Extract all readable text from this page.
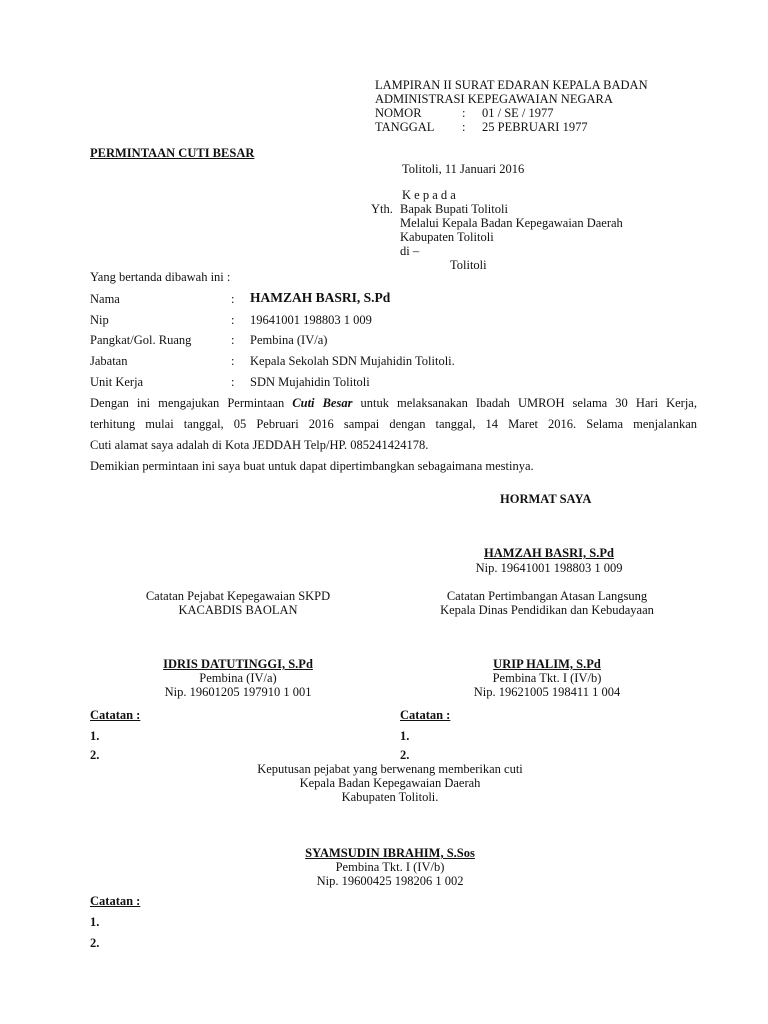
LAMPIRAN II SURAT EDARAN KEPALA BADAN
ADMINISTRASI KEPEGAWAIAN NEGARA
NOMOR	: 01 / SE / 1977
TANGGAL : 25 PEBRUARI 1977
PERMINTAAN CUTI BESAR
Tolitoli, 11 Januari 2016
K e p a d a
Yth. Bapak Bupati Tolitoli
Melalui Kepala Badan Kepegawaian Daerah
Kabupaten Tolitoli
di –
Tolitoli
Yang bertanda dibawah ini :
Nama	: HAMZAH BASRI, S.Pd
Nip	: 19641001 198803 1 009
Pangkat/Gol. Ruang	: Pembina (IV/a)
Jabatan	: Kepala Sekolah SDN Mujahidin Tolitoli.
Unit Kerja	: SDN Mujahidin Tolitoli
Dengan ini mengajukan Permintaan Cuti Besar untuk melaksanakan Ibadah UMROH selama 30 Hari Kerja,
terhitung mulai tanggal, 05 Pebruari 2016 sampai dengan tanggal, 14 Maret 2016. Selama menjalankan
Cuti alamat saya adalah di Kota JEDDAH Telp/HP. 085241424178.
Demikian permintaan ini saya buat untuk dapat dipertimbangkan sebagaimana mestinya.
HORMAT SAYA
HAMZAH BASRI, S.Pd
Nip. 19641001 198803 1 009
Catatan Pejabat Kepegawaian SKPD
KACABDIS BAOLAN
IDRIS DATUTINGGI, S.Pd
Pembina (IV/a)
Nip. 19601205 197910 1 001
Catatan Pertimbangan Atasan Langsung
Kepala Dinas Pendidikan dan Kebudayaan
URIP HALIM, S.Pd
Pembina Tkt. I (IV/b)
Nip. 19621005 198411 1 004
Catatan :
1.
2.
Catatan :
1.
2.
Keputusan pejabat yang berwenang memberikan cuti
Kepala Badan Kepegawaian Daerah
Kabupaten Tolitoli.
SYAMSUDIN IBRAHIM, S.Sos
Pembina Tkt. I (IV/b)
Nip. 19600425 198206 1 002
Catatan :
1.
2.
